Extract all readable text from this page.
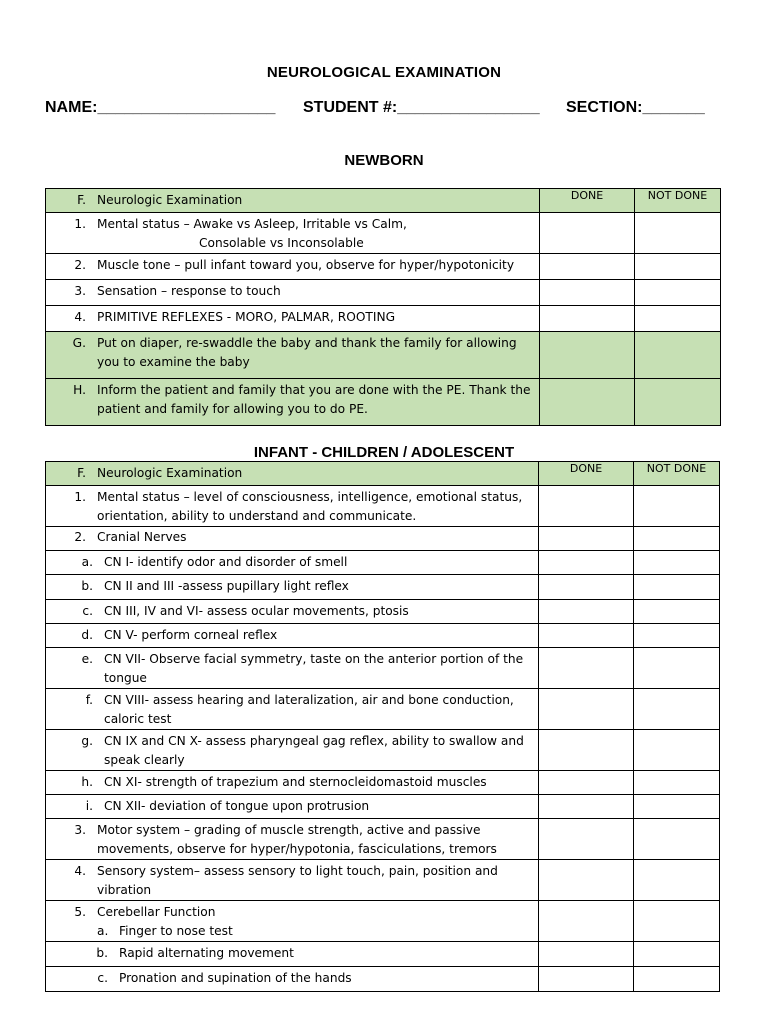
NEUROLOGICAL EXAMINATION
NAME:____________________ STUDENT #:________________ SECTION:_______
NEWBORN
F. Neurologic Examination	DONE	NOT DONE

1. Mental status – Awake vs Asleep, Irritable vs Calm,
Consolable vs Inconsolable		

2. Muscle tone – pull infant toward you, observe for hyper/hypotonicity		

3. Sensation – response to touch		

4. PRIMITIVE REFLEXES - MORO, PALMAR, ROOTING		

G. Put on diaper, re-swaddle the baby and thank the family for allowing you to examine the baby		

H. Inform the patient and family that you are done with the PE. Thank the patient and family for allowing you to do PE.		

INFANT - CHILDREN / ADOLESCENT
F. Neurologic Examination	DONE	NOT DONE

1. Mental status – level of consciousness, intelligence, emotional status, orientation, ability to understand and communicate.		

2. Cranial Nerves		

a. CN I- identify odor and disorder of smell		

b. CN II and III -assess pupillary light reflex		

c. CN III, IV and VI- assess ocular movements, ptosis		

d. CN V- perform corneal reflex		

e. CN VII- Observe facial symmetry, taste on the anterior portion of the tongue		

f. CN VIII- assess hearing and lateralization, air and bone conduction, caloric test		

g. CN IX and CN X- assess pharyngeal gag reflex, ability to swallow and speak clearly		

h. CN XI- strength of trapezium and sternocleidomastoid muscles		

i. CN XII- deviation of tongue upon protrusion		

3. Motor system – grading of muscle strength, active and passive movements, observe for hyper/hypotonia, fasciculations, tremors		

4. Sensory system– assess sensory to light touch, pain, position and vibration		

5. Cerebellar Function
a. Finger to nose test		

b. Rapid alternating movement		

c. Pronation and supination of the hands		
